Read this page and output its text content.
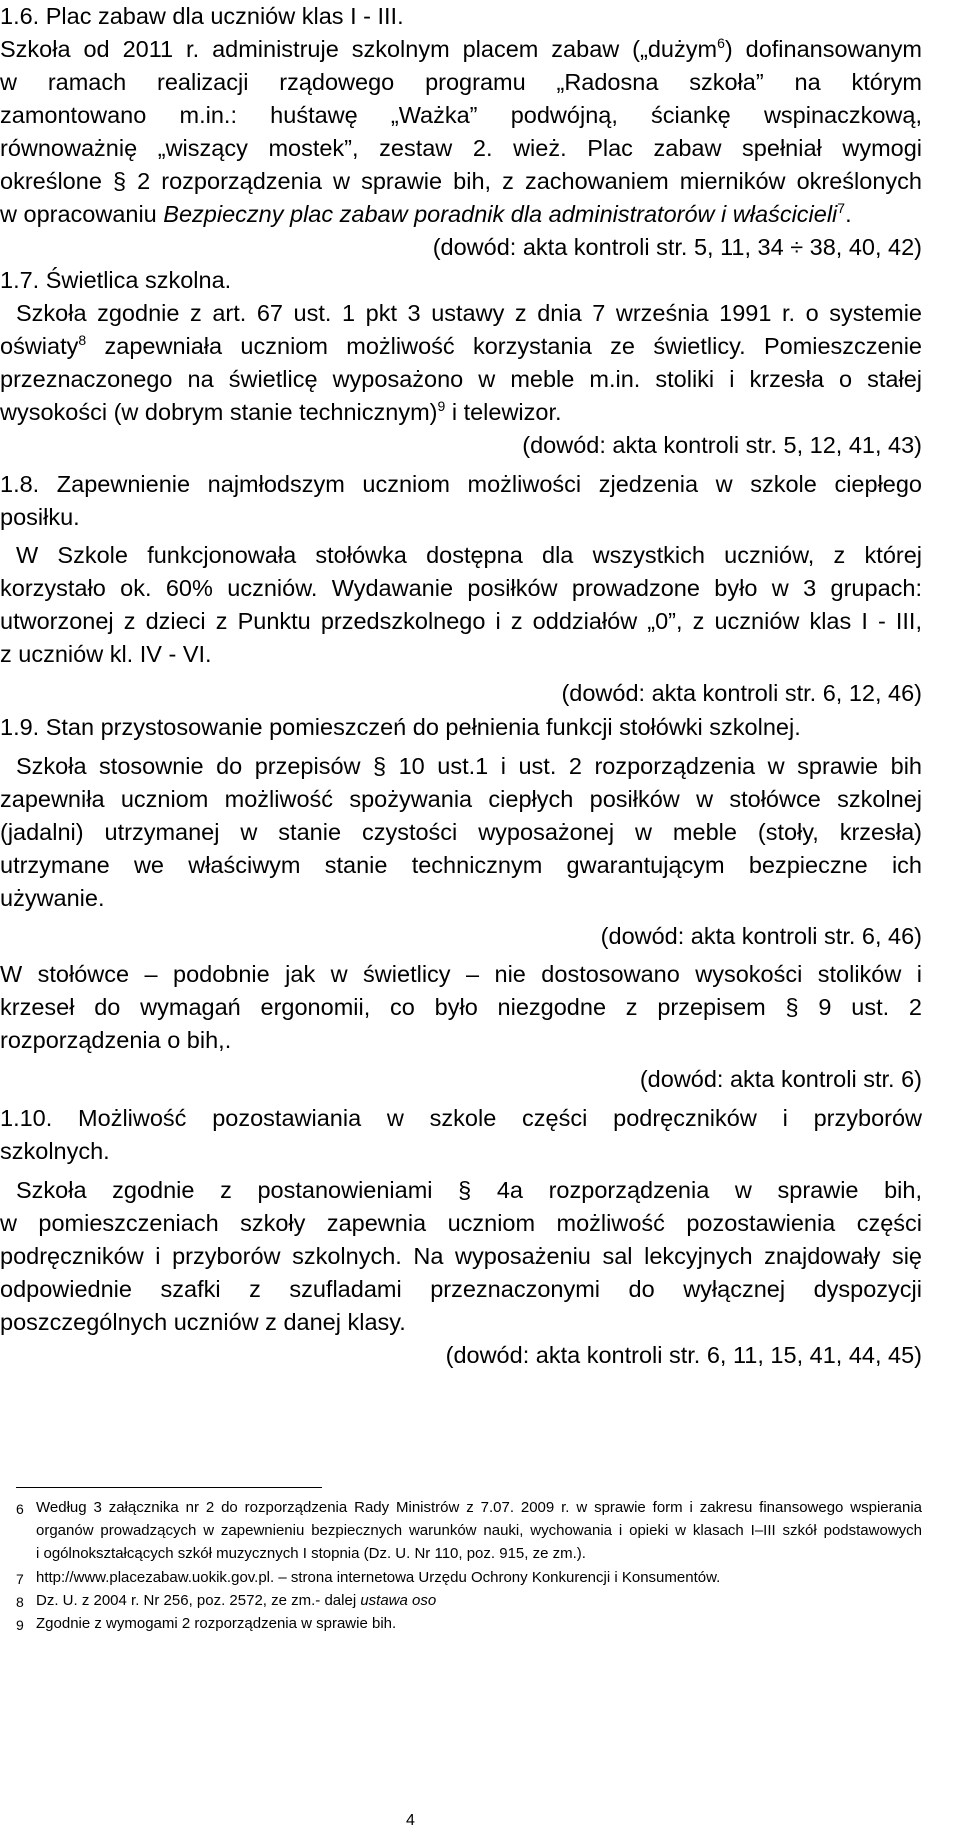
1.6. Plac zabaw dla uczniów klas I - III.
Szkoła od 2011 r. administruje szkolnym placem zabaw („dużym$^6$) dofinansowanym
w ramach realizacji rządowego programu „Radosna szkoła” na którym
zamontowano m.in.: huśtawę „Ważka” podwójną, ściankę wspinaczkową,
równoważnię „wiszący mostek”, zestaw 2. wież. Plac zabaw spełniał wymogi
określone § 2 rozporządzenia w sprawie bih, z zachowaniem mierników określonych
w opracowaniu Bezpieczny plac zabaw poradnik dla administratorów i właścicieli$^7$.
(dowód: akta kontroli str. 5, 11, 34 ÷ 38, 40, 42)
1.7. Świetlica szkolna.
Szkoła zgodnie z art. 67 ust. 1 pkt 3 ustawy z dnia 7 września 1991 r. o systemie
oświaty$^8$ zapewniała uczniom możliwość korzystania ze świetlicy. Pomieszczenie
przeznaczonego na świetlicę wyposażono w meble m.in. stoliki i krzesła o stałej
wysokości (w dobrym stanie technicznym)$^9$ i telewizor.
(dowód: akta kontroli str. 5, 12, 41, 43)
1.8. Zapewnienie najmłodszym uczniom możliwości zjedzenia w szkole ciepłego
posiłku.
W Szkole funkcjonowała stołówka dostępna dla wszystkich uczniów, z której
korzystało ok. 60% uczniów. Wydawanie posiłków prowadzone było w 3 grupach:
utworzonej z dzieci z Punktu przedszkolnego i z oddziałów „0”, z uczniów klas I - III,
z uczniów kl. IV - VI.
(dowód: akta kontroli str. 6, 12, 46)
1.9. Stan przystosowanie pomieszczeń do pełnienia funkcji stołówki szkolnej.
Szkoła stosownie do przepisów § 10 ust.1 i ust. 2 rozporządzenia w sprawie bih
zapewniła uczniom możliwość spożywania ciepłych posiłków w stołówce szkolnej
(jadalni) utrzymanej w stanie czystości wyposażonej w meble (stoły, krzesła)
utrzymane we właściwym stanie technicznym gwarantującym bezpieczne ich
używanie.
(dowód: akta kontroli str. 6, 46)
W stołówce – podobnie jak w świetlicy – nie dostosowano wysokości stolików i
krzeseł do wymagań ergonomii, co było niezgodne z przepisem § 9 ust. 2
rozporządzenia o bih,.
(dowód: akta kontroli str. 6)
1.10. Możliwość pozostawiania w szkole części podręczników i przyborów
szkolnych.
Szkoła zgodnie z postanowieniami § 4a rozporządzenia w sprawie bih,
w pomieszczeniach szkoły zapewnia uczniom możliwość pozostawienia części
podręczników i przyborów szkolnych. Na wyposażeniu sal lekcyjnych znajdowały się
odpowiednie szafki z szufladami przeznaczonymi do wyłącznej dyspozycji
poszczególnych uczniów z danej klasy.
(dowód: akta kontroli str. 6, 11, 15, 41, 44, 45)
6 Według 3 załącznika nr 2 do rozporządzenia Rady Ministrów z 7.07. 2009 r. w sprawie form i zakresu finansowego wspierania
organów prowadzących w zapewnieniu bezpiecznych warunków nauki, wychowania i opieki w klasach I–III szkół podstawowych
i ogólnokształcących szkół muzycznych I stopnia (Dz. U. Nr 110, poz. 915, ze zm.).
7 http://www.placezabaw.uokik.gov.pl. – strona internetowa Urzędu Ochrony Konkurencji i Konsumentów.
8 Dz. U. z 2004 r. Nr 256, poz. 2572, ze zm.- dalej ustawa oso
9 Zgodnie z wymogami 2 rozporządzenia w sprawie bih.
4
